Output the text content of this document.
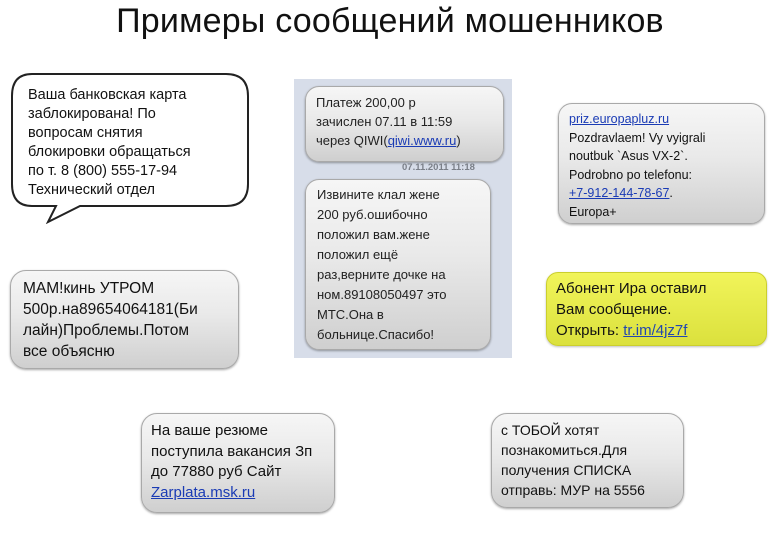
Примеры сообщений мошенников
Ваша банковская карта
заблокирована! По
вопросам снятия
блокировки обращаться
по т. 8 (800) 555-17-94
Технический отдел
МАМ!кинь УТРОМ
500р.на89654064181(Би
лайн)Проблемы.Потом
все объясню
Платеж 200,00 р
зачислен 07.11 в 11:59
через QIWI(qiwi.www.ru)
07.11.2011 11:18
Извините клал жене
200 руб.ошибочно
положил вам.жене
положил ещё
раз,верните дочке на
ном.89108050497 это
МТС.Она в
больнице.Спасибо!
priz.europapluz.ru
Pozdravlaem! Vy vyigrali
noutbuk `Asus VX-2`.
Podrobno po telefonu:
+7-912-144-78-67.
Europa+
Абонент Ира оставил
Вам сообщение.
Открыть: tr.im/4jz7f
На ваше резюме
поступила вакансия Зп
до 77880 руб Сайт
Zarplata.msk.ru
с ТОБОЙ хотят
познакомиться.Для
получения СПИСКА
отправь: МУР на 5556
